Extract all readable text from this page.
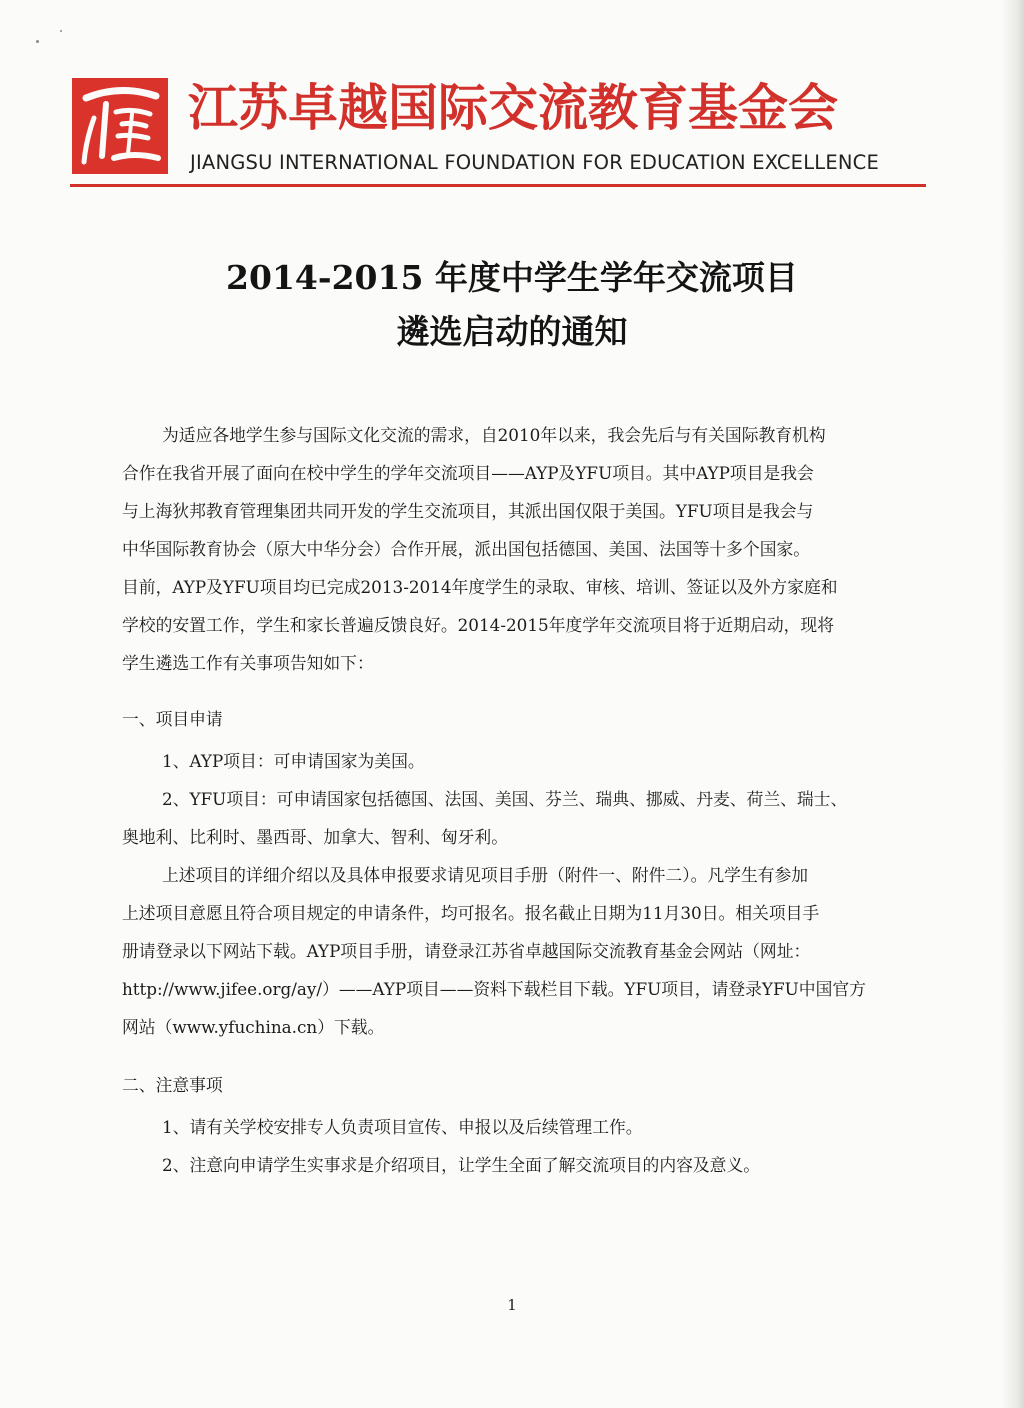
江苏卓越国际交流教育基金会
JIANGSU INTERNATIONAL FOUNDATION FOR EDUCATION EXCELLENCE
2014-2015 年度中学生学年交流项目
遴选启动的通知
为适应各地学生参与国际文化交流的需求，自2010年以来，我会先后与有关国际教育机构
合作在我省开展了面向在校中学生的学年交流项目——AYP及YFU项目。其中AYP项目是我会
与上海狄邦教育管理集团共同开发的学生交流项目，其派出国仅限于美国。YFU项目是我会与
中华国际教育协会（原大中华分会）合作开展，派出国包括德国、美国、法国等十多个国家。
目前，AYP及YFU项目均已完成2013-2014年度学生的录取、审核、培训、签证以及外方家庭和
学校的安置工作，学生和家长普遍反馈良好。2014-2015年度学年交流项目将于近期启动，现将
学生遴选工作有关事项告知如下：
一、项目申请
1、AYP项目：可申请国家为美国。
2、YFU项目：可申请国家包括德国、法国、美国、芬兰、瑞典、挪威、丹麦、荷兰、瑞士、
奥地利、比利时、墨西哥、加拿大、智利、匈牙利。
上述项目的详细介绍以及具体申报要求请见项目手册（附件一、附件二）。凡学生有参加
上述项目意愿且符合项目规定的申请条件，均可报名。报名截止日期为11月30日。相关项目手
册请登录以下网站下载。AYP项目手册，请登录江苏省卓越国际交流教育基金会网站（网址：
http://www.jifee.org/ay/）——AYP项目——资料下载栏目下载。YFU项目，请登录YFU中国官方
网站（www.yfuchina.cn）下载。
二、注意事项
1、请有关学校安排专人负责项目宣传、申报以及后续管理工作。
2、注意向申请学生实事求是介绍项目，让学生全面了解交流项目的内容及意义。
1
